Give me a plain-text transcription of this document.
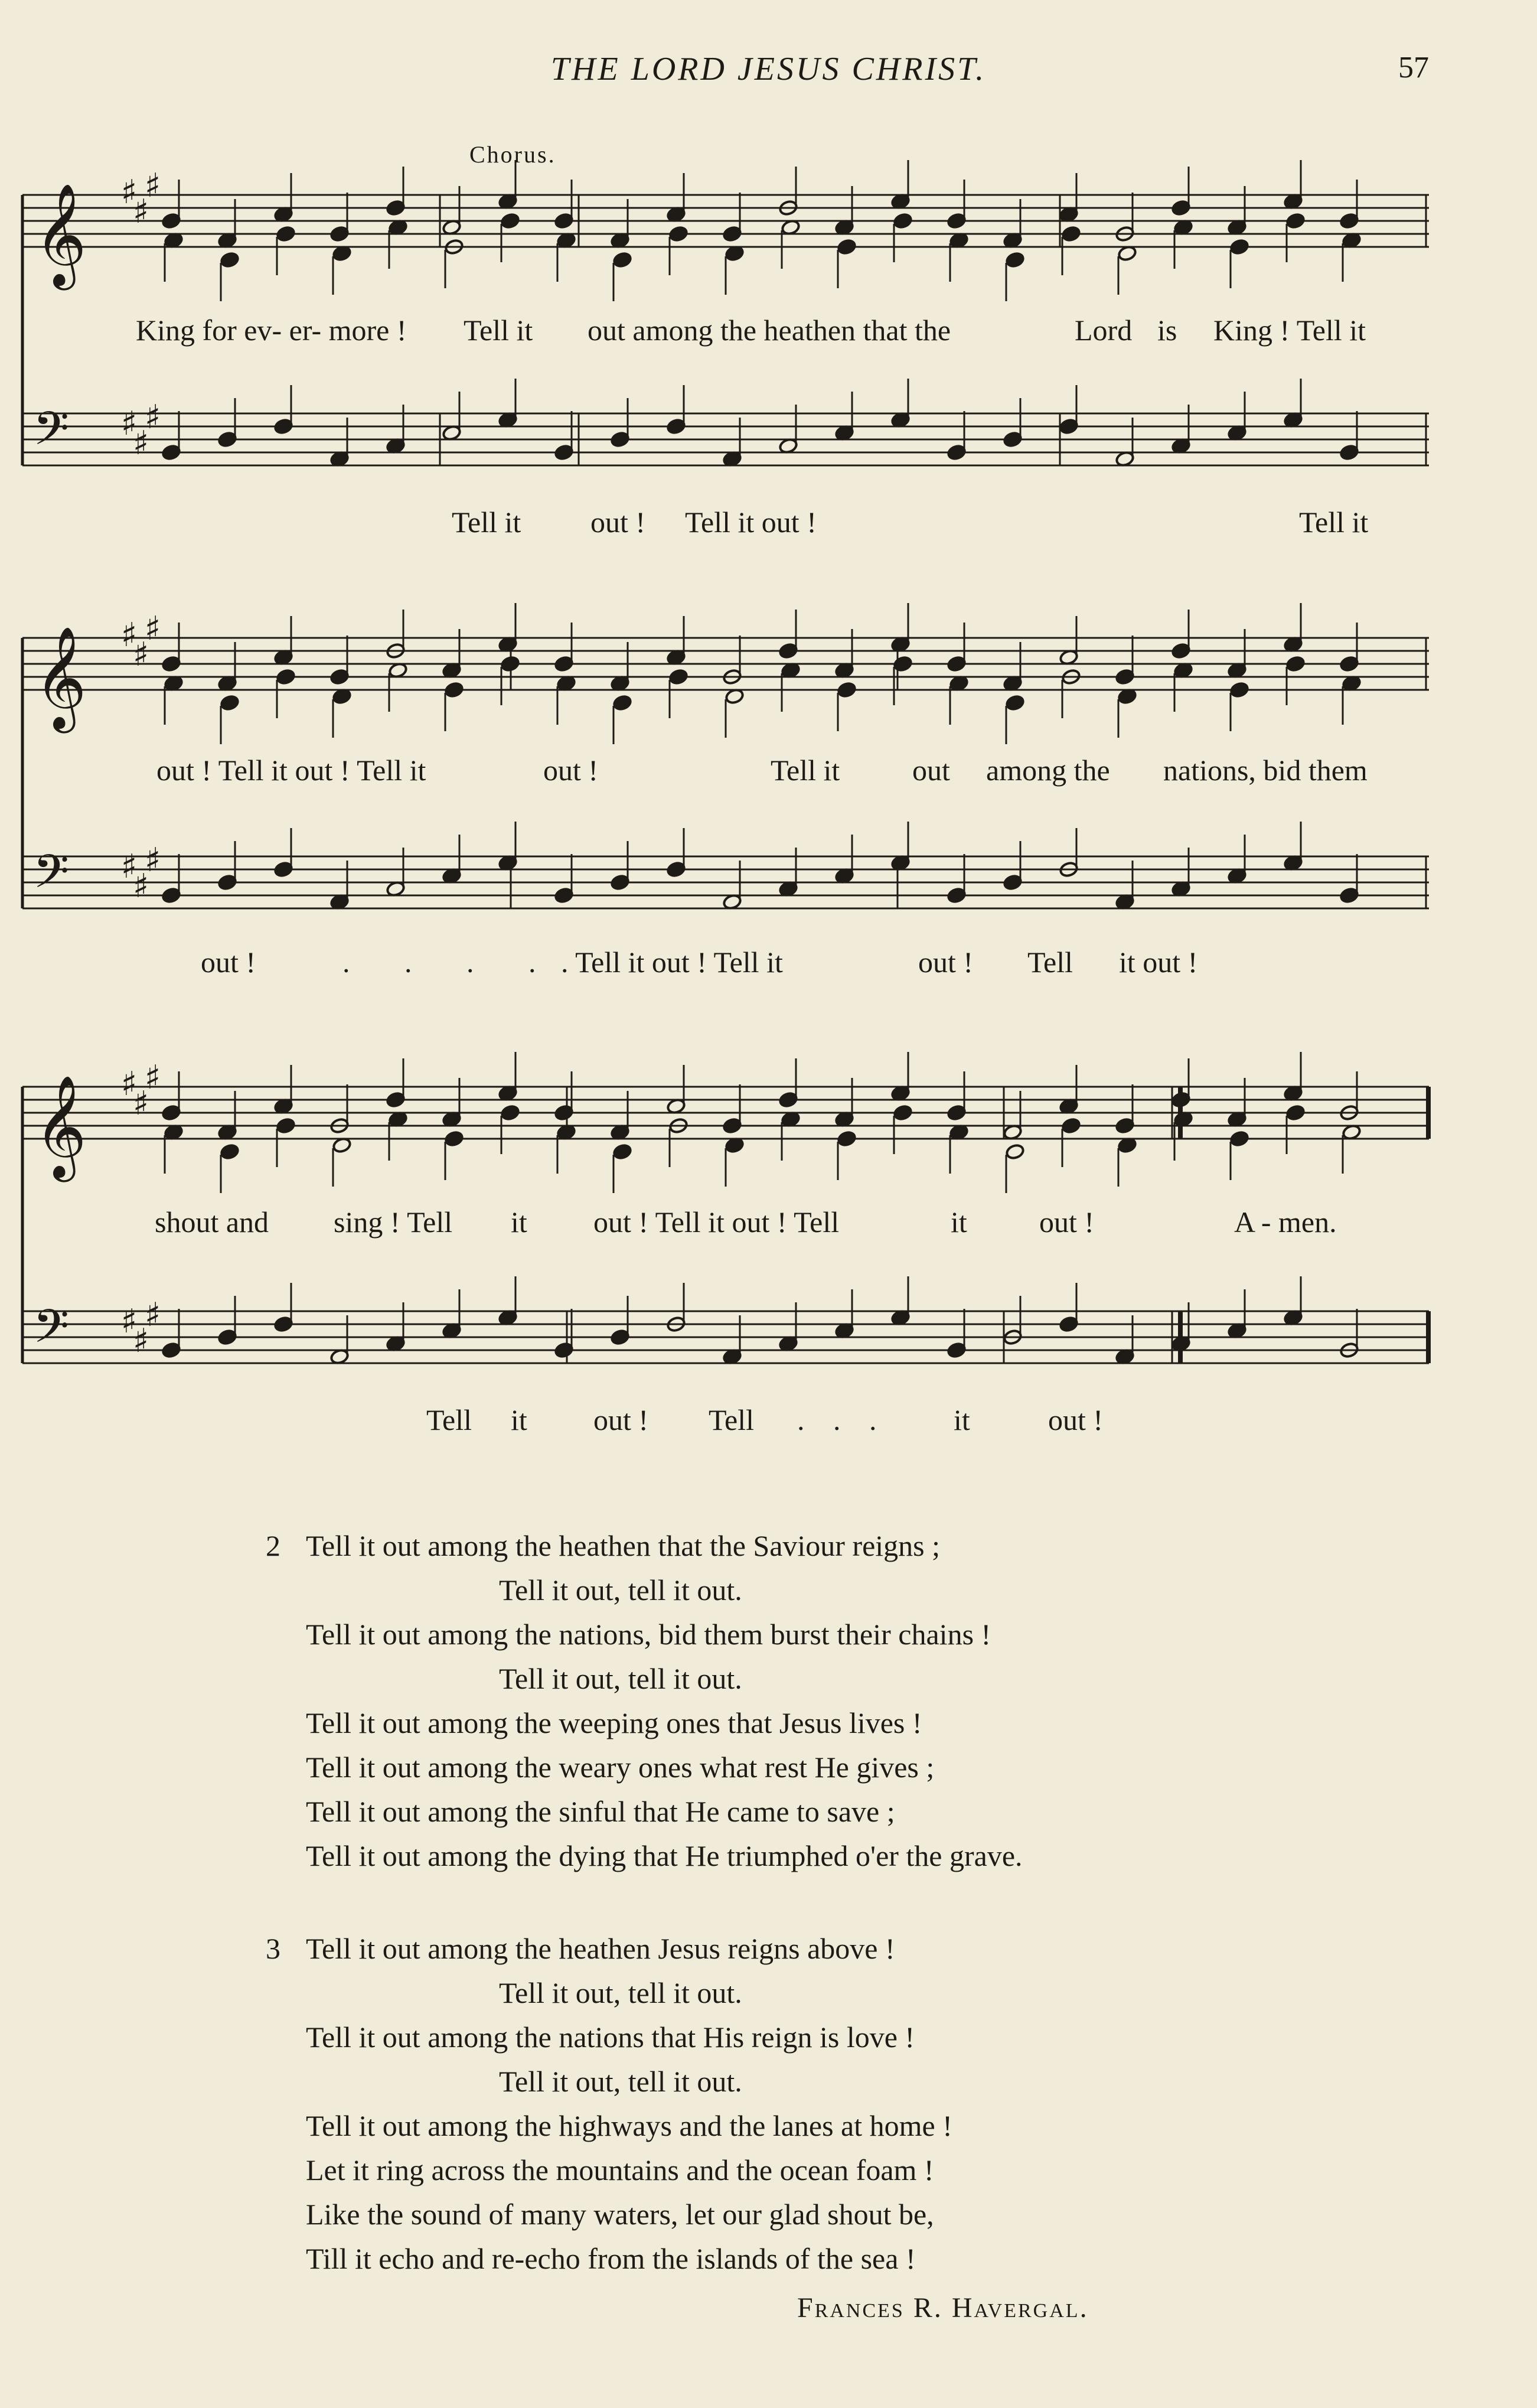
THE LORD JESUS CHRIST.	57
Chorus.
𝄞
𝄢
♯
♯
♯
♯
♯
♯
𝄞
𝄢
♯
♯
♯
♯
♯
♯
𝄞
𝄢
♯
♯
♯
♯
♯
♯
King for ev- er- more ! Tell it out among the heathen that the	Lord is King ! Tell it
Tell it out ! Tell it out !	Tell it
out ! Tell it out ! Tell it	out !	Tell it out among the nations, bid them
out !	. . . . . Tell it out ! Tell it	out ! Tell it out !
shout and sing ! Tell it out ! Tell it out ! Tell	it out !	A - men.
Tell it out ! Tell . . . it	out !
2 Tell it out among the heathen that the Saviour reigns ;
Tell it out, tell it out.
Tell it out among the nations, bid them burst their chains !
Tell it out, tell it out.
Tell it out among the weeping ones that Jesus lives !
Tell it out among the weary ones what rest He gives ;
Tell it out among the sinful that He came to save ;
Tell it out among the dying that He triumphed o'er the grave.
3 Tell it out among the heathen Jesus reigns above !
Tell it out, tell it out.
Tell it out among the nations that His reign is love !
Tell it out, tell it out.
Tell it out among the highways and the lanes at home !
Let it ring across the mountains and the ocean foam !
Like the sound of many waters, let our glad shout be,
Till it echo and re-echo from the islands of the sea !
Frances R. Havergal.
